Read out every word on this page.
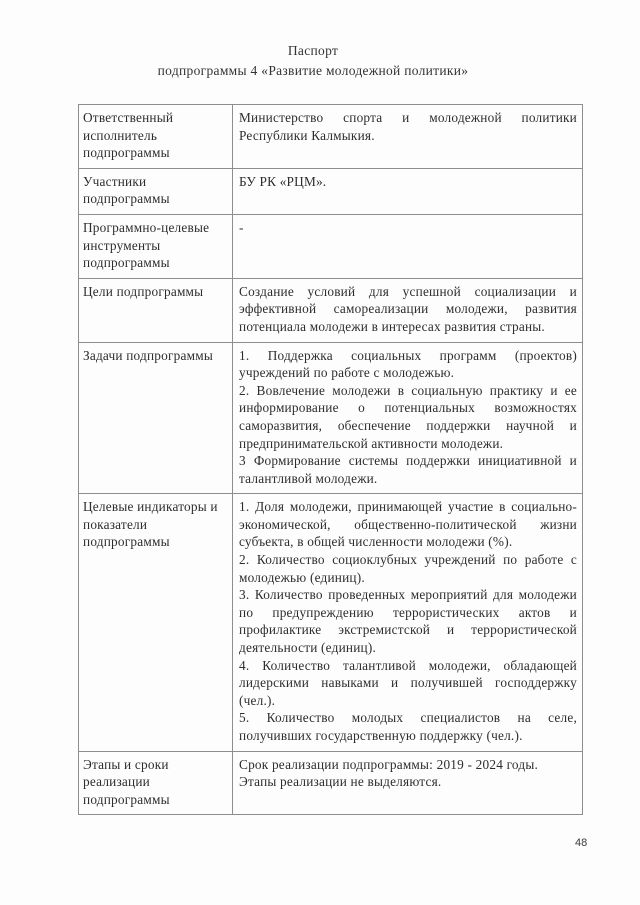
Паспорт
подпрограммы 4 «Развитие молодежной политики»
Ответственный исполнитель подпрограммы
Министерство спорта и молодежной политики Республики Калмыкия.
Участники подпрограммы
БУ РК «РЦМ».
Программно-целевые инструменты подпрограммы
-
Цели подпрограммы	Создание условий для успешной социализации и эффективной самореализации молодежи, развития потенциала молодежи в интересах развития страны.
Задачи подпрограммы	1. Поддержка социальных программ (проектов) учреждений по работе с молодежью.
2. Вовлечение молодежи в социальную практику и ее информирование о потенциальных возможностях саморазвития, обеспечение поддержки научной и предпринимательской активности молодежи.
3 Формирование системы поддержки инициативной и талантливой молодежи.
Целевые индикаторы и показатели подпрограммы
1. Доля молодежи, принимающей участие в социально-экономической, общественно-политической жизни субъекта, в общей численности молодежи (%).
2. Количество социоклубных учреждений по работе с молодежью (единиц).
3. Количество проведенных мероприятий для молодежи по предупреждению террористических актов и профилактике экстремистской и террористической деятельности (единиц).
4. Количество талантливой молодежи, обладающей лидерскими навыками и получившей господдержку (чел.).
5. Количество молодых специалистов на селе, получивших государственную поддержку (чел.).
Этапы и сроки реализации подпрограммы
Срок реализации подпрограммы: 2019 - 2024 годы.
Этапы реализации не выделяются.
48
